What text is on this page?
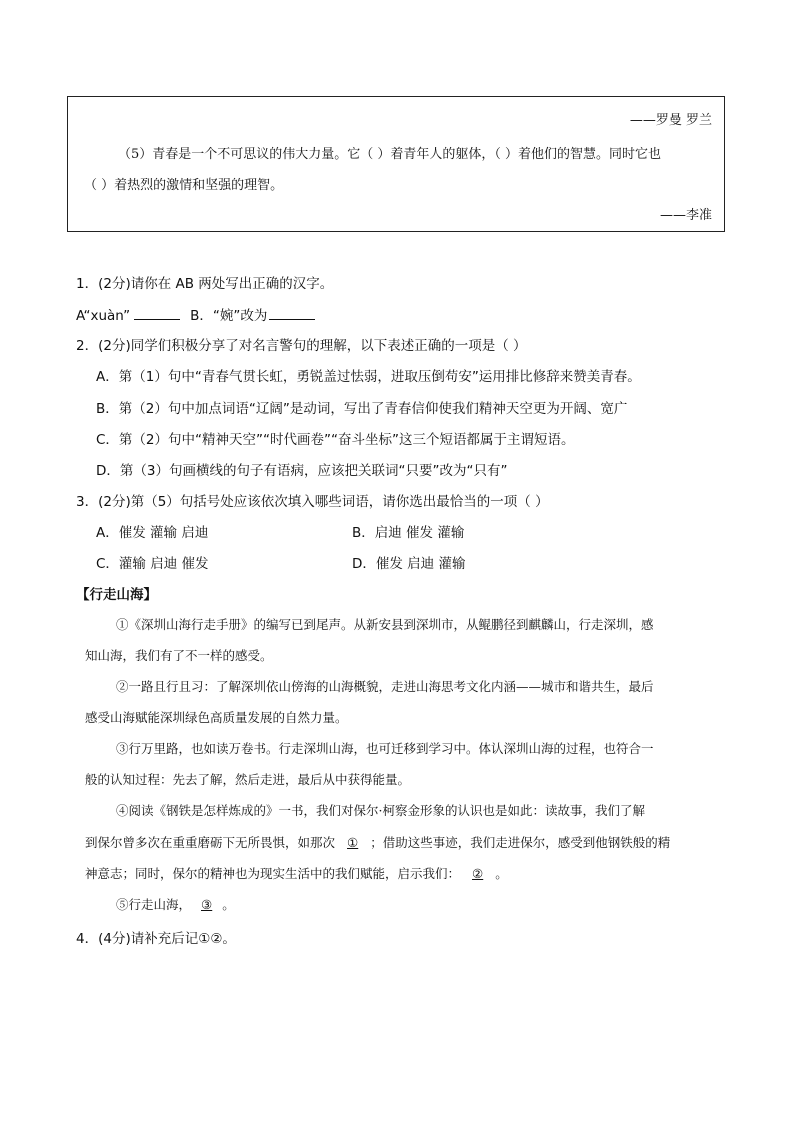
——罗曼 罗兰
（5）青春是一个不可思议的伟大力量。它（ ）着青年人的躯体，（ ）着他们的智慧。同时它也
（ ）着热烈的激情和坚强的理智。
——李准
1．(2分)请你在 AB 两处写出正确的汉字。
A“xuàn”	B．“婉”改为
2．(2分)同学们积极分享了对名言警句的理解，以下表述正确的一项是（ ）
A．第（1）句中“青春气贯长虹，勇锐盖过怯弱，进取压倒苟安”运用排比修辞来赞美青春。
B．第（2）句中加点词语“辽阔”是动词，写出了青春信仰使我们精神天空更为开阔、宽广
C．第（2）句中“精神天空”“时代画卷”“奋斗坐标”这三个短语都属于主谓短语。
D．第（3）句画横线的句子有语病，应该把关联词“只要”改为“只有”
3．(2分)第（5）句括号处应该依次填入哪些词语，请你选出最恰当的一项（ ）
A．催发 灌输 启迪	B．启迪 催发 灌输
C．灌输 启迪 催发	D．催发 启迪 灌输
【行走山海】
①《深圳山海行走手册》的编写已到尾声。从新安县到深圳市，从鲲鹏径到麒麟山，行走深圳，感
知山海，我们有了不一样的感受。
②一路且行且习：了解深圳依山傍海的山海概貌，走进山海思考文化内涵——城市和谐共生，最后
感受山海赋能深圳绿色高质量发展的自然力量。
③行万里路，也如读万卷书。行走深圳山海，也可迁移到学习中。体认深圳山海的过程，也符合一
般的认知过程：先去了解，然后走进，最后从中获得能量。
④阅读《钢铁是怎样炼成的》一书，我们对保尔·柯察金形象的认识也是如此：读故事，我们了解
到保尔曾多次在重重磨砺下无所畏惧，如那次 ① ；借助这些事迹，我们走进保尔，感受到他钢铁般的精
神意志；同时，保尔的精神也为现实生活中的我们赋能，启示我们： ② 。
⑤行走山海， ③ 。
4．(4分)请补充后记①②。
